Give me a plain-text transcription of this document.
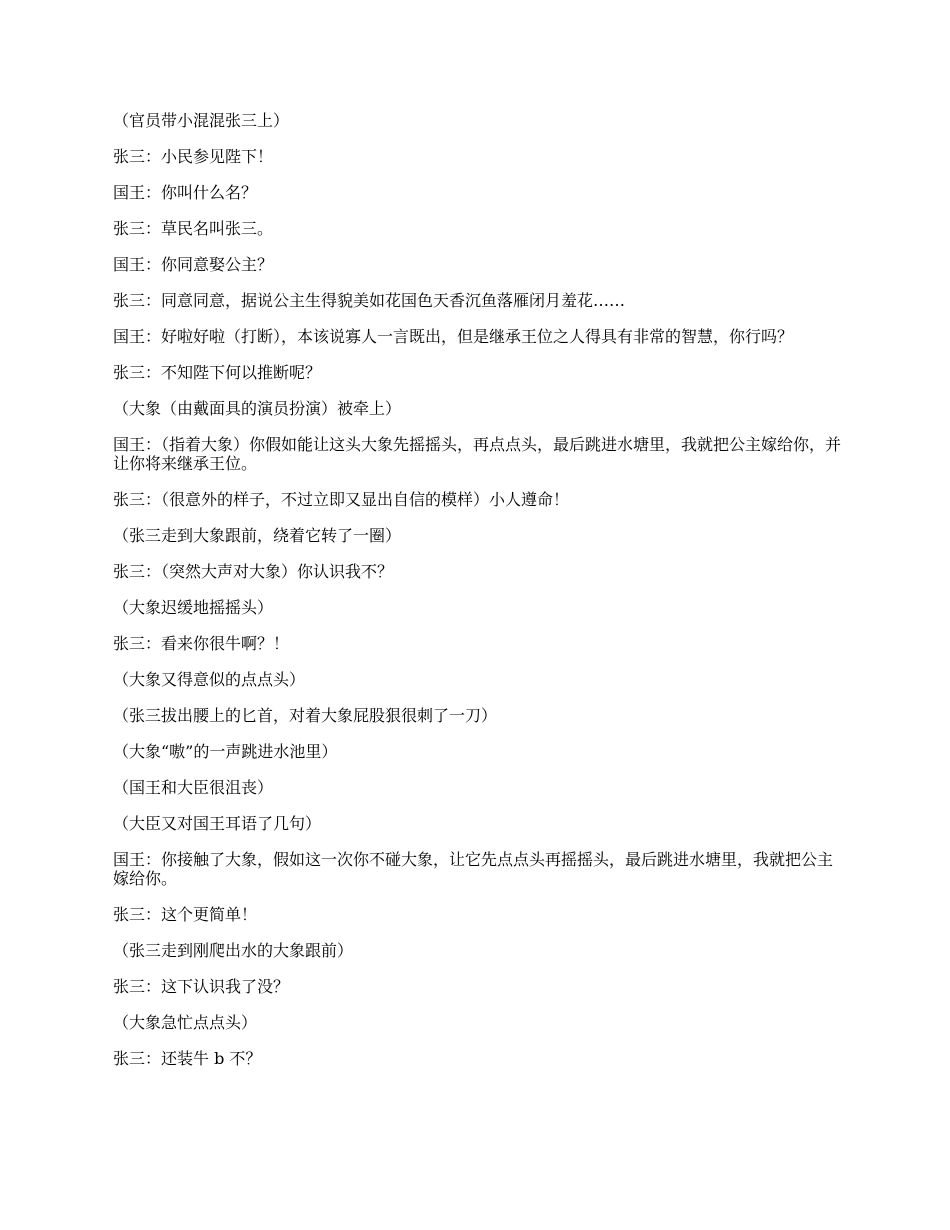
（官员带小混混张三上）

张三：小民参见陛下！

国王：你叫什么名？

张三：草民名叫张三。

国王：你同意娶公主？

张三：同意同意，据说公主生得貌美如花国色天香沉鱼落雁闭月羞花……

国王：好啦好啦（打断），本该说寡人一言既出，但是继承王位之人得具有非常的智慧，你行吗？

张三：不知陛下何以推断呢？

（大象（由戴面具的演员扮演）被牵上）

国王：（指着大象）你假如能让这头大象先摇摇头，再点点头，最后跳进水塘里，我就把公主嫁给你，并让你将来继承王位。

张三：（很意外的样子，不过立即又显出自信的模样）小人遵命！

（张三走到大象跟前，绕着它转了一圈）

张三：（突然大声对大象）你认识我不？

（大象迟缓地摇摇头）

张三：看来你很牛啊？！

（大象又得意似的点点头）

（张三拔出腰上的匕首，对着大象屁股狠很刺了一刀）

（大象“嗷”的一声跳进水池里）

（国王和大臣很沮丧）

（大臣又对国王耳语了几句）

国王：你接触了大象，假如这一次你不碰大象，让它先点点头再摇摇头，最后跳进水塘里，我就把公主嫁给你。

张三：这个更简单！

（张三走到刚爬出水的大象跟前）

张三：这下认识我了没？

（大象急忙点点头）

张三：还装牛 b 不？
